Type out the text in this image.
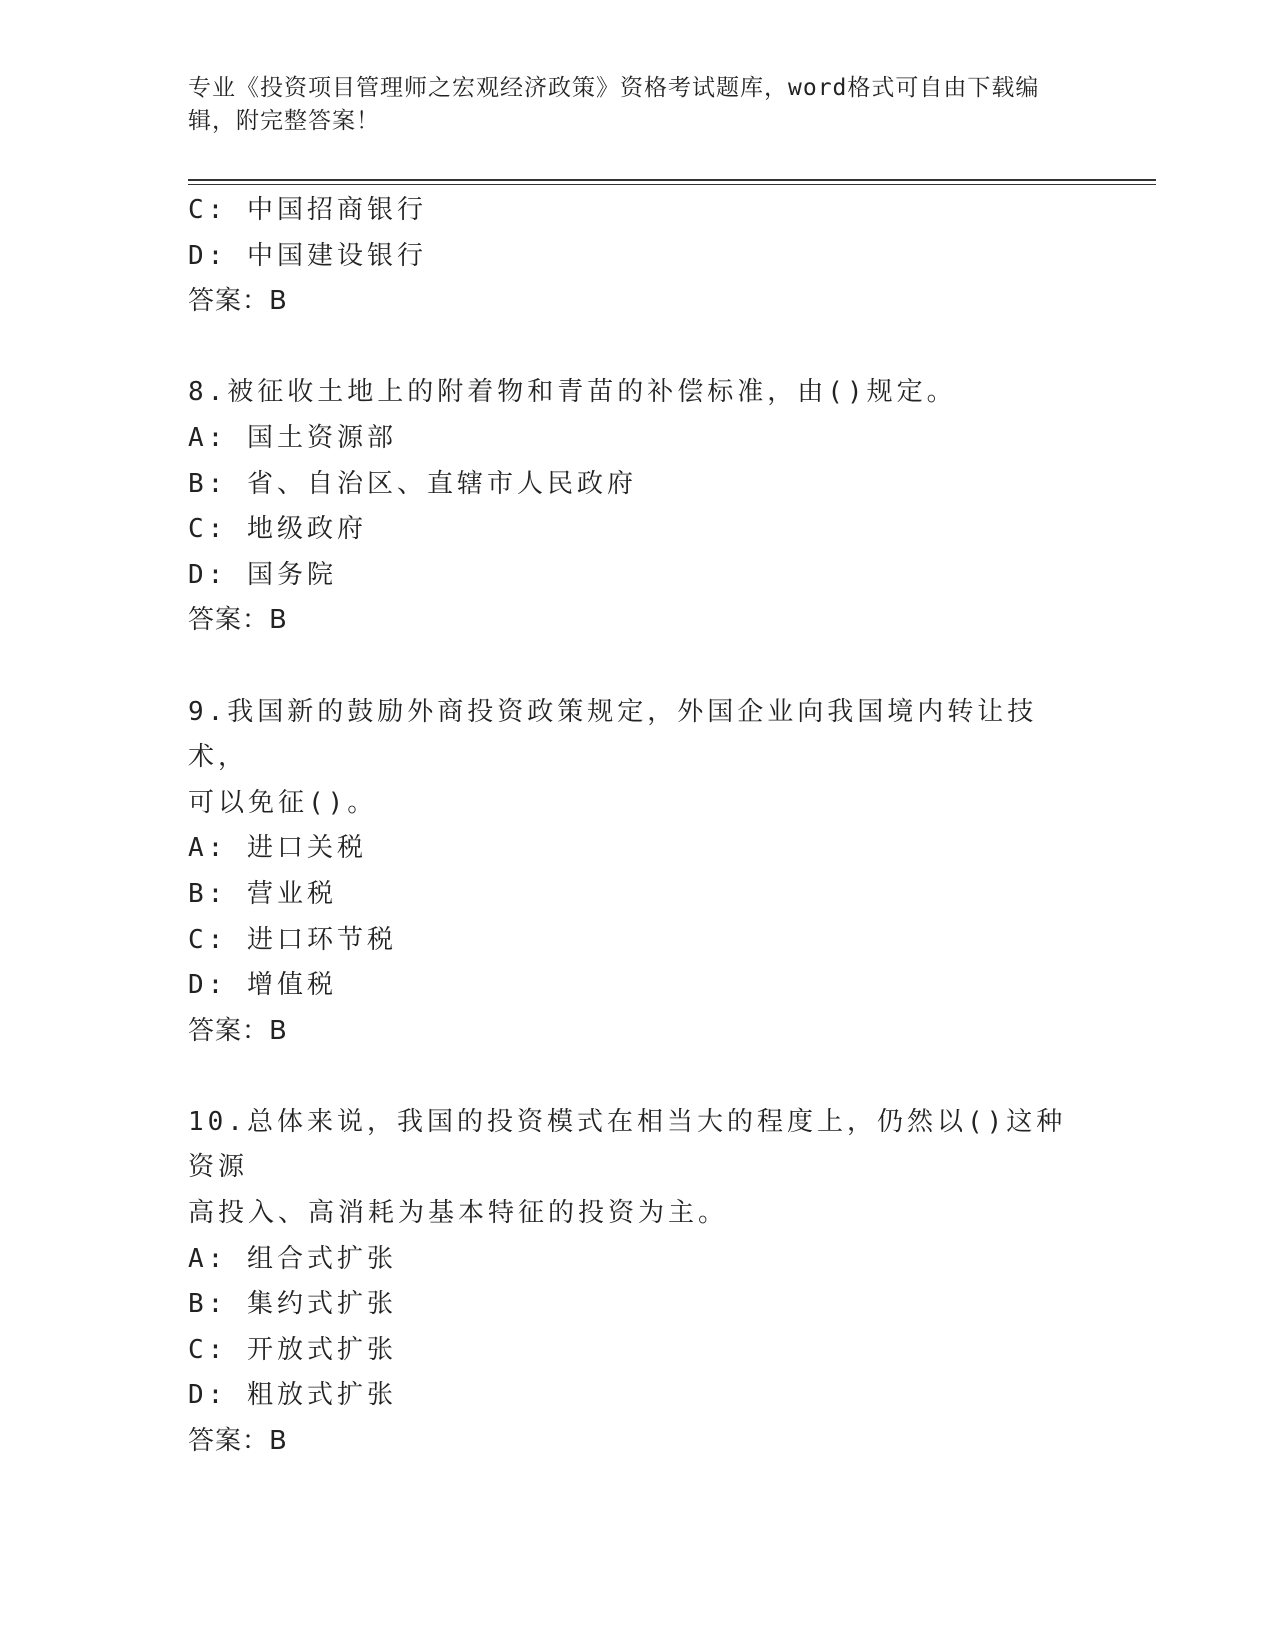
专业《投资项目管理师之宏观经济政策》资格考试题库，word格式可自由下载编
辑，附完整答案！
C: 中国招商银行
D: 中国建设银行
答案：B
8.被征收土地上的附着物和青苗的补偿标准，由()规定。
A: 国土资源部
B: 省、自治区、直辖市人民政府
C: 地级政府
D: 国务院
答案：B
9.我国新的鼓励外商投资政策规定，外国企业向我国境内转让技术，
可以免征()。
A: 进口关税
B: 营业税
C: 进口环节税
D: 增值税
答案：B
10.总体来说，我国的投资模式在相当大的程度上，仍然以()这种资源
高投入、高消耗为基本特征的投资为主。
A: 组合式扩张
B: 集约式扩张
C: 开放式扩张
D: 粗放式扩张
答案：B
